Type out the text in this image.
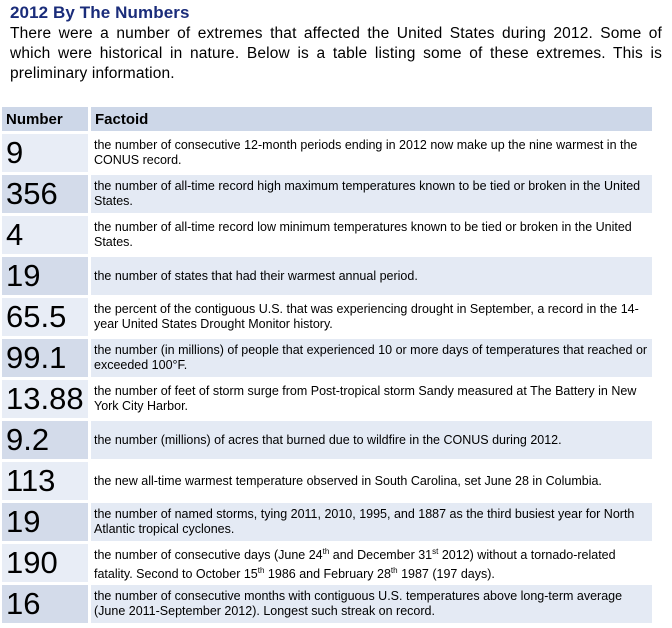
2012 By The Numbers

There were a number of extremes that affected the United States during 2012. Some of which were historical in nature. Below is a table listing some of these extremes. This is preliminary information.

Number	Factoid
9	the number of consecutive 12-month periods ending in 2012 now make up the nine warmest in the CONUS record.
356	the number of all-time record high maximum temperatures known to be tied or broken in the United States.
4	the number of all-time record low minimum temperatures known to be tied or broken in the United States.
19	the number of states that had their warmest annual period.
65.5	the percent of the contiguous U.S. that was experiencing drought in September, a record in the 14-year United States Drought Monitor history.
99.1	the number (in millions) of people that experienced 10 or more days of temperatures that reached or exceeded 100°F.
13.88	the number of feet of storm surge from Post-tropical storm Sandy measured at The Battery in New York City Harbor.
9.2	the number (millions) of acres that burned due to wildfire in the CONUS during 2012.
113	the new all-time warmest temperature observed in South Carolina, set June 28 in Columbia.
19	the number of named storms, tying 2011, 2010, 1995, and 1887 as the third busiest year for North Atlantic tropical cyclones.
190	the number of consecutive days (June 24th and December 31st 2012) without a tornado-related fatality. Second to October 15th 1986 and February 28th 1987 (197 days).
16	the number of consecutive months with contiguous U.S. temperatures above long-term average (June 2011-September 2012). Longest such streak on record.
